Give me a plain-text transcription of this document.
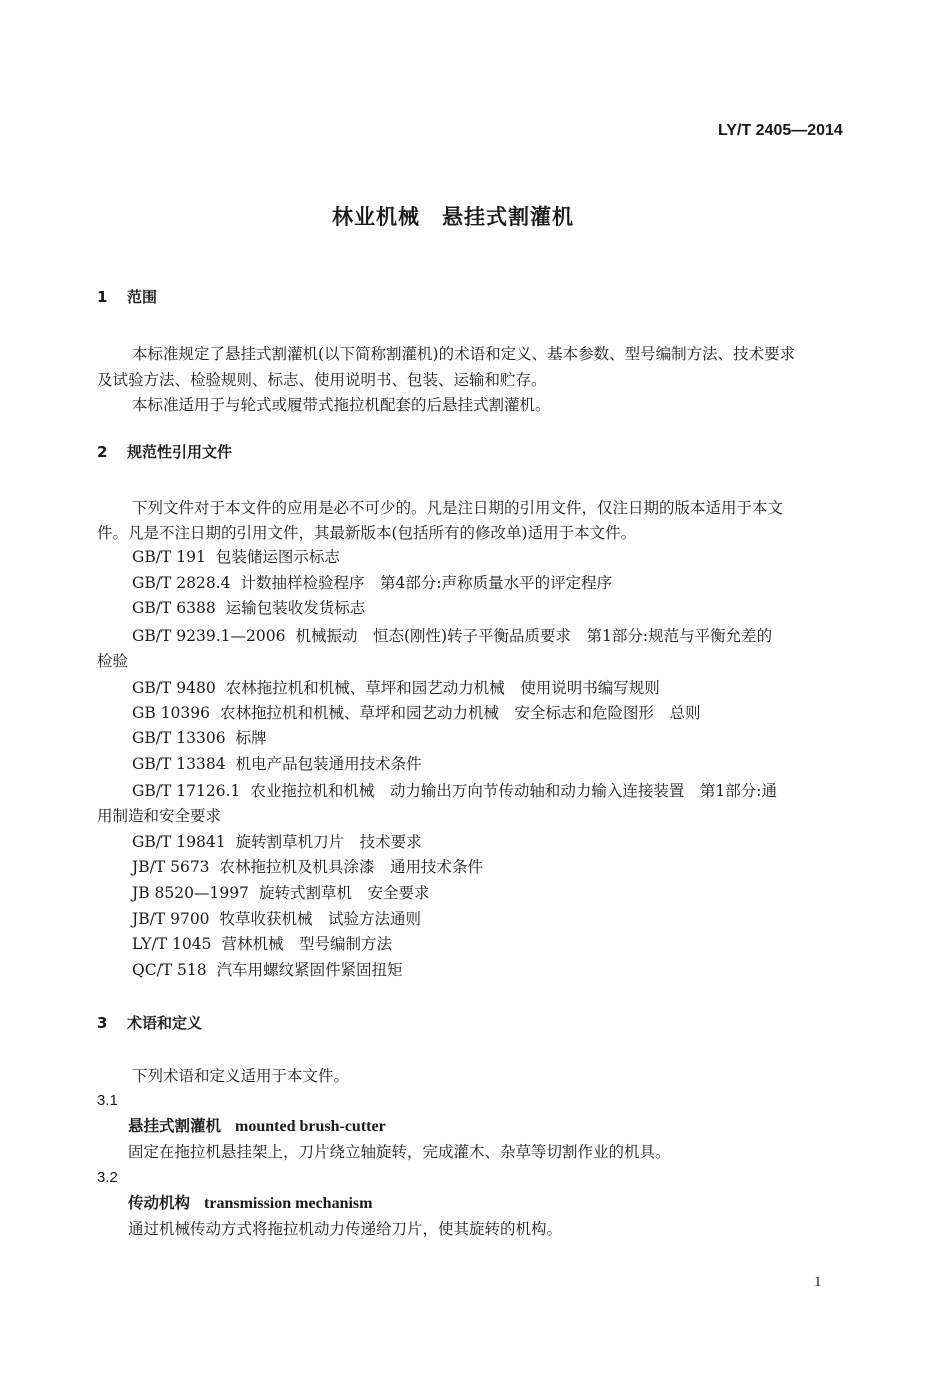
LY/T 2405—2014
林业机械　悬挂式割灌机
1 范围
本标准规定了悬挂式割灌机(以下简称割灌机)的术语和定义、基本参数、型号编制方法、技术要求
及试验方法、检验规则、标志、使用说明书、包装、运输和贮存。
本标准适用于与轮式或履带式拖拉机配套的后悬挂式割灌机。
2 规范性引用文件
下列文件对于本文件的应用是必不可少的。凡是注日期的引用文件，仅注日期的版本适用于本文
件。凡是不注日期的引用文件，其最新版本(包括所有的修改单)适用于本文件。
GB/T 191 包装储运图示标志
GB/T 2828.4 计数抽样检验程序　第4部分:声称质量水平的评定程序
GB/T 6388 运输包装收发货标志
GB/T 9239.1—2006 机械振动　恒态(刚性)转子平衡品质要求　第1部分:规范与平衡允差的
检验
GB/T 9480 农林拖拉机和机械、草坪和园艺动力机械　使用说明书编写规则
GB 10396 农林拖拉机和机械、草坪和园艺动力机械　安全标志和危险图形　总则
GB/T 13306 标牌
GB/T 13384 机电产品包装通用技术条件
GB/T 17126.1 农业拖拉机和机械　动力输出万向节传动轴和动力输入连接装置　第1部分:通
用制造和安全要求
GB/T 19841 旋转割草机刀片　技术要求
JB/T 5673 农林拖拉机及机具涂漆　通用技术条件
JB 8520—1997 旋转式割草机　安全要求
JB/T 9700 牧草收获机械　试验方法通则
LY/T 1045 营林机械　型号编制方法
QC/T 518 汽车用螺纹紧固件紧固扭矩
3 术语和定义
下列术语和定义适用于本文件。
3.1
悬挂式割灌机 mounted brush-cutter
固定在拖拉机悬挂架上，刀片绕立轴旋转，完成灌木、杂草等切割作业的机具。
3.2
传动机构 transmission mechanism
通过机械传动方式将拖拉机动力传递给刀片，使其旋转的机构。
1
